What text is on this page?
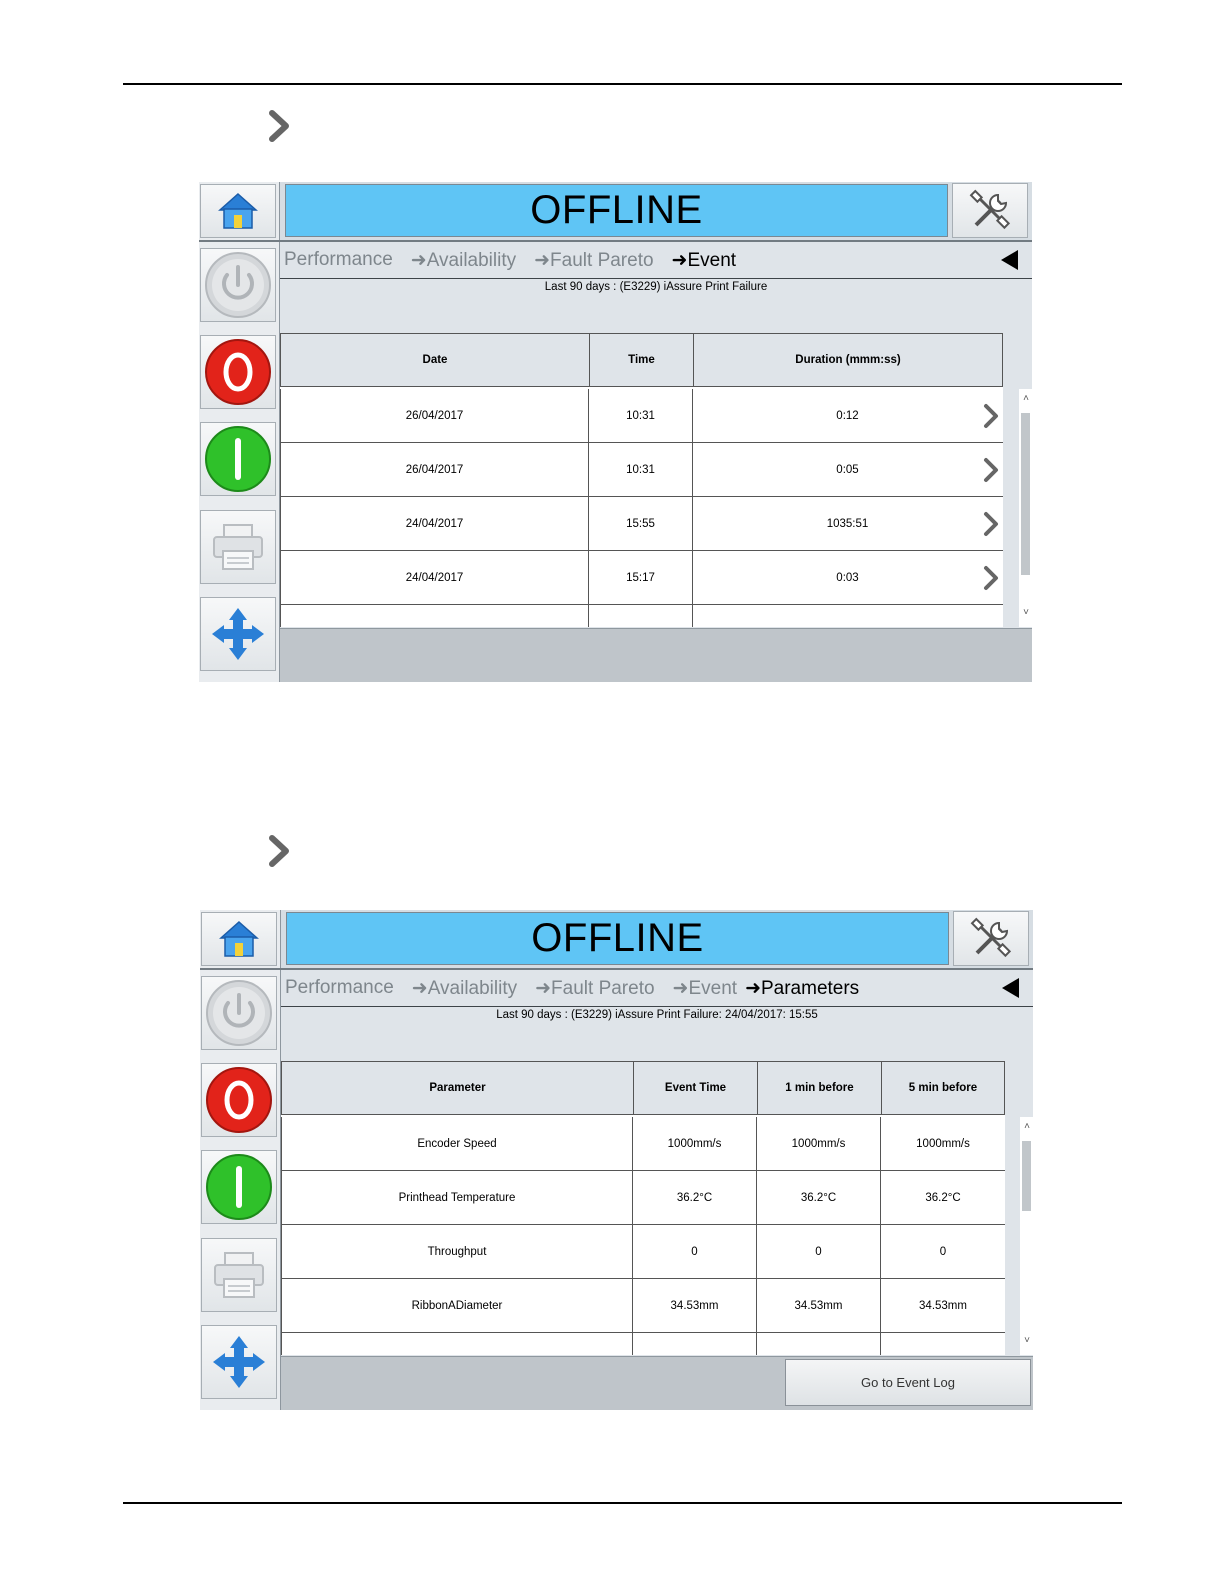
OFFLINE
Performance ➜Availability ➜Fault Pareto ➜Event
Last 90 days : (E3229) iAssure Print Failure
Date	Time	Duration (mmm:ss)
26/04/2017	10:31	0:12
26/04/2017	10:31	0:05
24/04/2017	15:55	1035:51
24/04/2017	15:17	0:03
˄
˅
OFFLINE
Performance ➜Availability ➜Fault Pareto ➜Event ➜Parameters
Last 90 days : (E3229) iAssure Print Failure: 24/04/2017: 15:55
Parameter	Event Time	1 min before	5 min before
Encoder Speed	1000mm/s	1000mm/s	1000mm/s
Printhead Temperature	36.2°C	36.2°C	36.2°C
Throughput	0	0	0
RibbonADiameter	34.53mm	34.53mm	34.53mm
˄
˅
Go to Event Log
